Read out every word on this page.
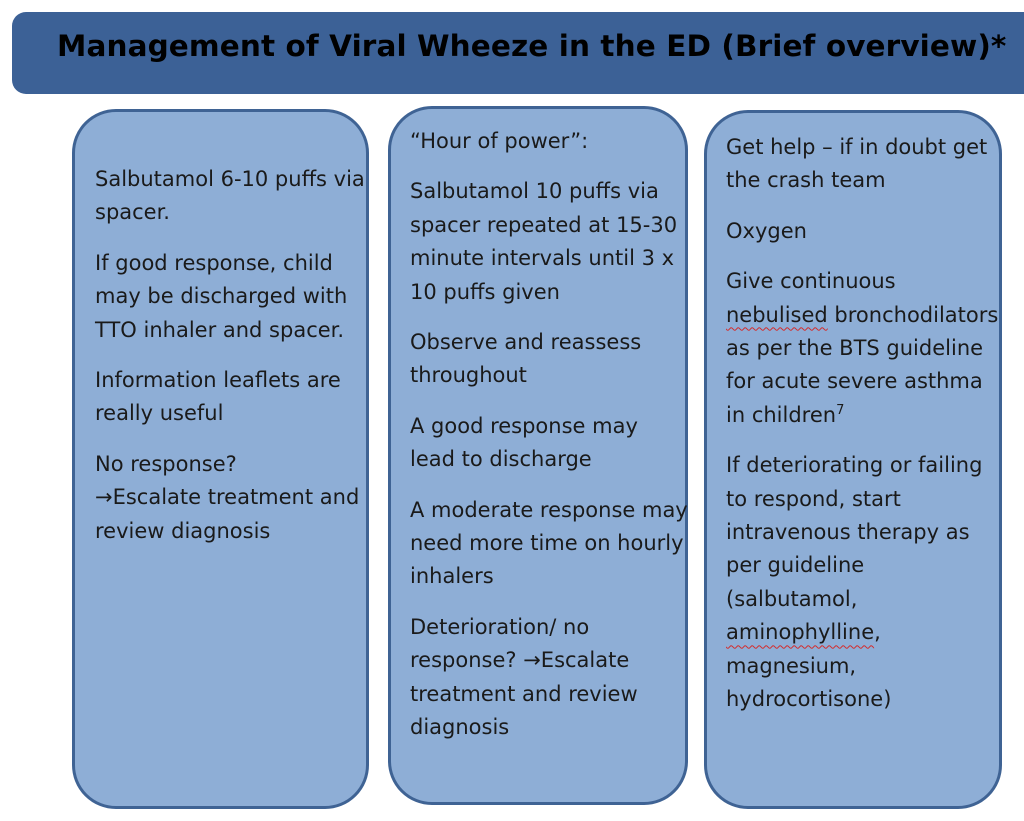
Management of Viral Wheeze in the ED (Brief overview)*

Salbutamol 6-10 puffs via spacer.

If good response, child may be discharged with TTO inhaler and spacer.

Information leaflets are really useful

No response?
→Escalate treatment and review diagnosis

“Hour of power”:

Salbutamol 10 puffs via spacer repeated at 15-30 minute intervals until 3 x 10 puffs given

Observe and reassess throughout

A good response may lead to discharge

A moderate response may need more time on hourly inhalers

Deterioration/ no response? →Escalate treatment and review diagnosis

Get help – if in doubt get the crash team

Oxygen

Give continuous nebulised bronchodilators as per the BTS guideline for acute severe asthma in children$^7$

If deteriorating or failing to respond, start intravenous therapy as per guideline (salbutamol, aminophylline, magnesium, hydrocortisone)
